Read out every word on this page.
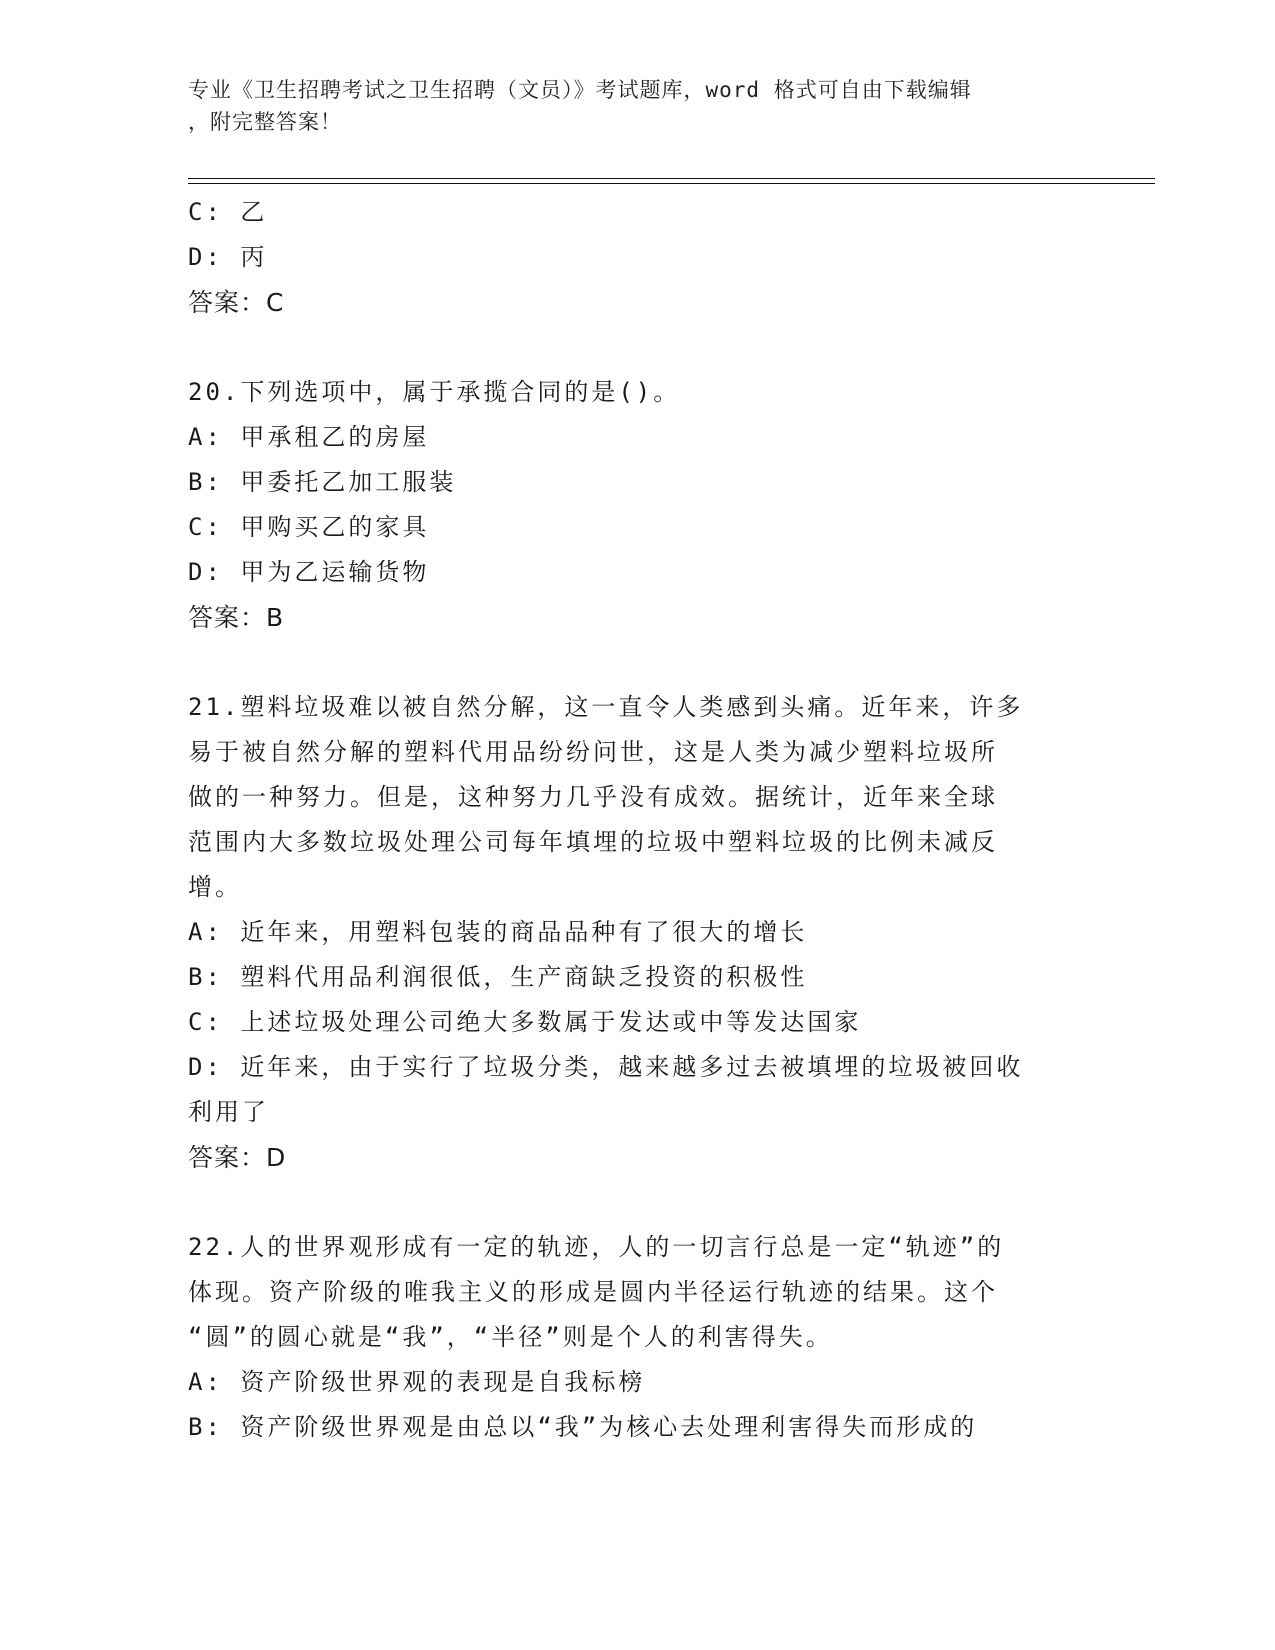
专业《卫生招聘考试之卫生招聘（文员）》考试题库，word 格式可自由下载编辑
，附完整答案！
C: 乙
D: 丙
答案：C
20.下列选项中，属于承揽合同的是()。
A: 甲承租乙的房屋
B: 甲委托乙加工服装
C: 甲购买乙的家具
D: 甲为乙运输货物
答案：B
21.塑料垃圾难以被自然分解，这一直令人类感到头痛。近年来，许多
易于被自然分解的塑料代用品纷纷问世，这是人类为减少塑料垃圾所
做的一种努力。但是，这种努力几乎没有成效。据统计，近年来全球
范围内大多数垃圾处理公司每年填埋的垃圾中塑料垃圾的比例未减反
增。
A: 近年来，用塑料包装的商品品种有了很大的增长
B: 塑料代用品利润很低，生产商缺乏投资的积极性
C: 上述垃圾处理公司绝大多数属于发达或中等发达国家
D: 近年来，由于实行了垃圾分类，越来越多过去被填埋的垃圾被回收
利用了
答案：D
22.人的世界观形成有一定的轨迹，人的一切言行总是一定“轨迹”的
体现。资产阶级的唯我主义的形成是圆内半径运行轨迹的结果。这个
“圆”的圆心就是“我”，“半径”则是个人的利害得失。
A: 资产阶级世界观的表现是自我标榜
B: 资产阶级世界观是由总以“我”为核心去处理利害得失而形成的
